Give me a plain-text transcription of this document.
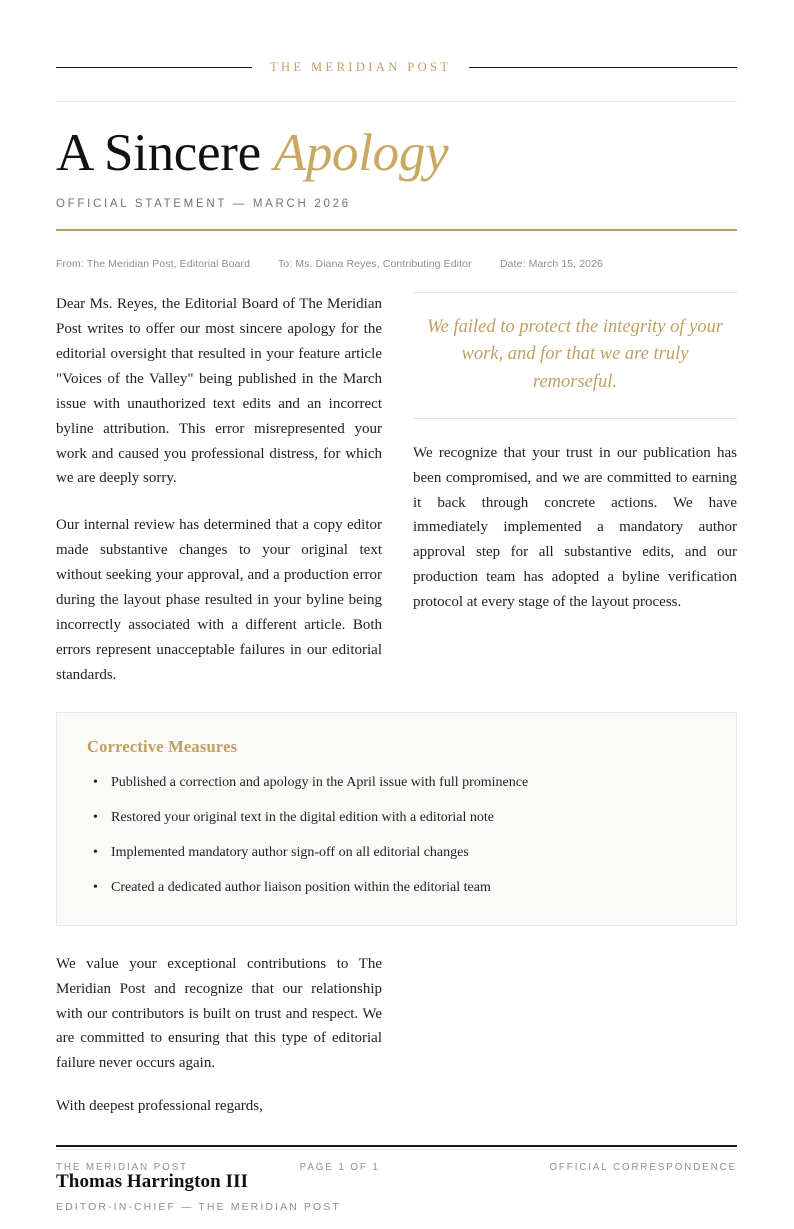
THE MERIDIAN POST
A Sincere Apology
OFFICIAL STATEMENT — MARCH 2026
From: The Meridian Post, Editorial Board	To: Ms. Diana Reyes, Contributing Editor	Date: March 15, 2026

Dear Ms. Reyes, the Editorial Board of The Meridian Post writes to offer our most sincere apology for the editorial oversight that resulted in your feature article "Voices of the Valley" being published in the March issue with unauthorized text edits and an incorrect byline attribution. This error misrepresented your work and caused you professional distress, for which we are deeply sorry.

Our internal review has determined that a copy editor made substantive changes to your original text without seeking your approval, and a production error during the layout phase resulted in your byline being incorrectly associated with a different article. Both errors represent unacceptable failures in our editorial standards.

We failed to protect the integrity of your work, and for that we are truly remorseful.

We recognize that your trust in our publication has been compromised, and we are committed to earning it back through concrete actions. We have immediately implemented a mandatory author approval step for all substantive edits, and our production team has adopted a byline verification protocol at every stage of the layout process.

Corrective Measures
• Published a correction and apology in the April issue with full prominence
• Restored your original text in the digital edition with a editorial note
• Implemented mandatory author sign-off on all editorial changes
• Created a dedicated author liaison position within the editorial team

We value your exceptional contributions to The Meridian Post and recognize that our relationship with our contributors is built on trust and respect. We are committed to ensuring that this type of editorial failure never occurs again.

With deepest professional regards,

Thomas Harrington III
EDITOR-IN-CHIEF — THE MERIDIAN POST
THE MERIDIAN POST	PAGE 1 OF 1	OFFICIAL CORRESPONDENCE
